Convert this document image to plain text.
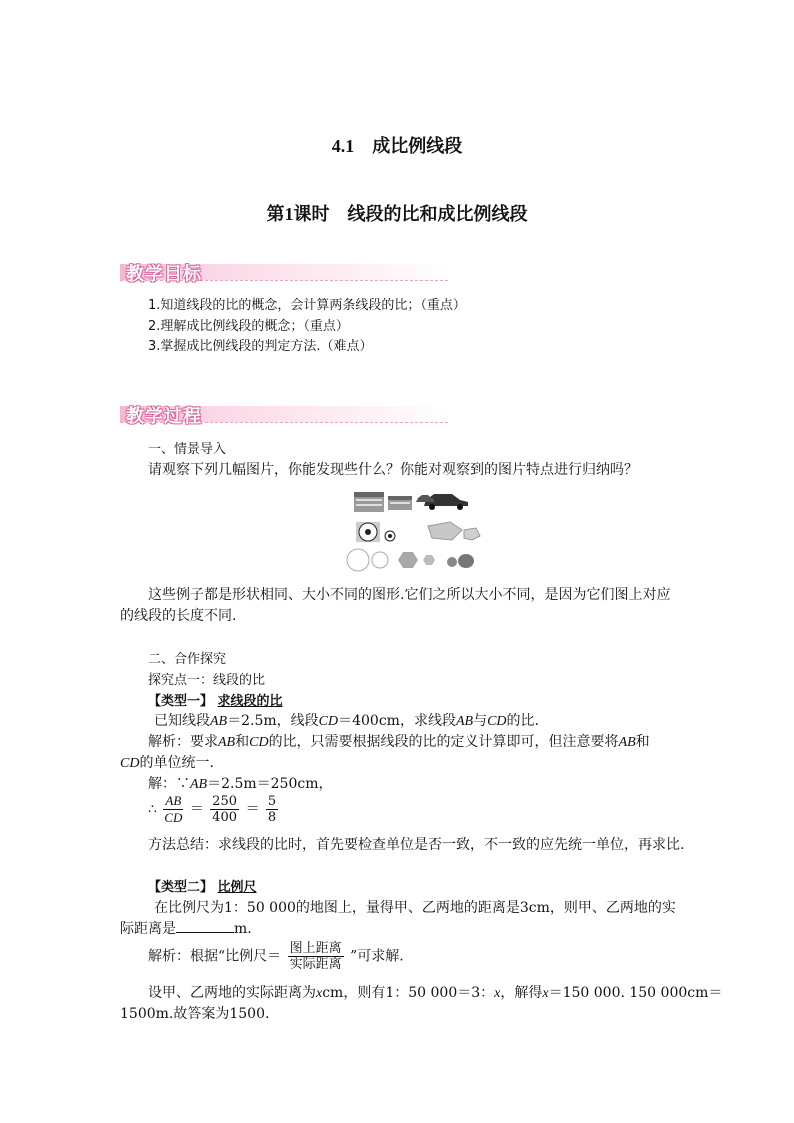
4.1　成比例线段
第1课时　线段的比和成比例线段
教学目标
1.知道线段的比的概念，会计算两条线段的比；（重点）
2.理解成比例线段的概念；（重点）
3.掌握成比例线段的判定方法.（难点）
教学过程
一、情景导入
请观察下列几幅图片，你能发现些什么？你能对观察到的图片特点进行归纳吗？
这些例子都是形状相同、大小不同的图形.它们之所以大小不同，是因为它们图上对应
的线段的长度不同.
二、合作探究
探究点一：线段的比
【类型一】 求线段的比
已知线段AB＝2.5m，线段CD＝400cm，求线段AB与CD的比.
解析：要求AB和CD的比，只需要根据线段的比的定义计算即可，但注意要将AB和
CD的单位统一.
解：∵AB＝2.5m＝250cm，
∴ $\frac{AB}{CD} = \frac{250}{400} = \frac{5}{8}$
方法总结：求线段的比时，首先要检查单位是否一致，不一致的应先统一单位，再求比.
【类型二】 比例尺
在比例尺为1：50 000的地图上，量得甲、乙两地的距离是3cm，则甲、乙两地的实
际距离是	m.
解析：根据“比例尺＝ $\frac{\text{图上距离}}{\text{实际距离}}$ ”可求解.
设甲、乙两地的实际距离为xcm，则有1：50 000＝3：x，解得x＝150 000. 150 000cm＝
1500m.故答案为1500.
